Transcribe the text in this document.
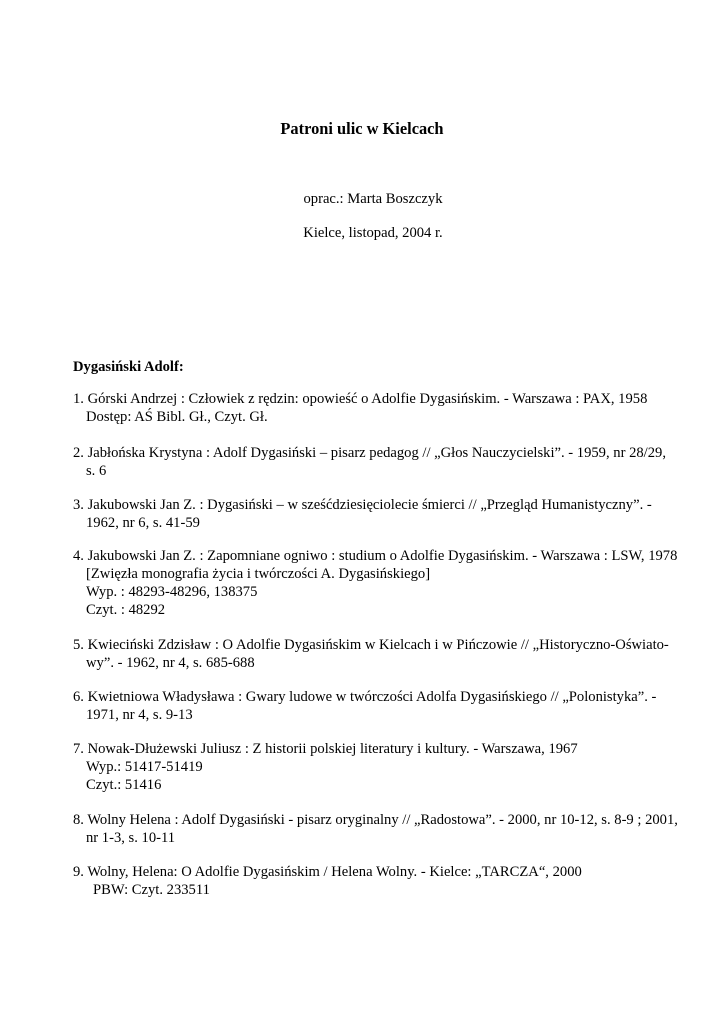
Patroni ulic w Kielcach
oprac.: Marta Boszczyk
Kielce, listopad, 2004 r.
Dygasiński Adolf:
1. Górski Andrzej : Człowiek z rędzin: opowieść o Adolfie Dygasińskim. - Warszawa : PAX, 1958
Dostęp: AŚ Bibl. Gł., Czyt. Gł.
2. Jabłońska Krystyna : Adolf Dygasiński – pisarz pedagog // „Głos Nauczycielski”. - 1959, nr 28/29,
s. 6
3. Jakubowski Jan Z. : Dygasiński – w sześćdziesięciolecie śmierci // „Przegląd Humanistyczny”. -
1962, nr 6, s. 41-59
4. Jakubowski Jan Z. : Zapomniane ogniwo : studium o Adolfie Dygasińskim. - Warszawa : LSW, 1978
[Zwięzła monografia życia i twórczości A. Dygasińskiego]
Wyp. : 48293-48296, 138375
Czyt. : 48292
5. Kwieciński Zdzisław : O Adolfie Dygasińskim w Kielcach i w Pińczowie // „Historyczno-Oświato-
wy”. - 1962, nr 4, s. 685-688
6. Kwietniowa Władysława : Gwary ludowe w twórczości Adolfa Dygasińskiego // „Polonistyka”. -
1971, nr 4, s. 9-13
7. Nowak-Dłużewski Juliusz : Z historii polskiej literatury i kultury. - Warszawa, 1967
Wyp.: 51417-51419
Czyt.: 51416
8. Wolny Helena : Adolf Dygasiński - pisarz oryginalny // „Radostowa”. - 2000, nr 10-12, s. 8-9 ; 2001,
nr 1-3, s. 10-11
9. Wolny, Helena: O Adolfie Dygasińskim / Helena Wolny. - Kielce: „TARCZA“, 2000
PBW: Czyt. 233511
